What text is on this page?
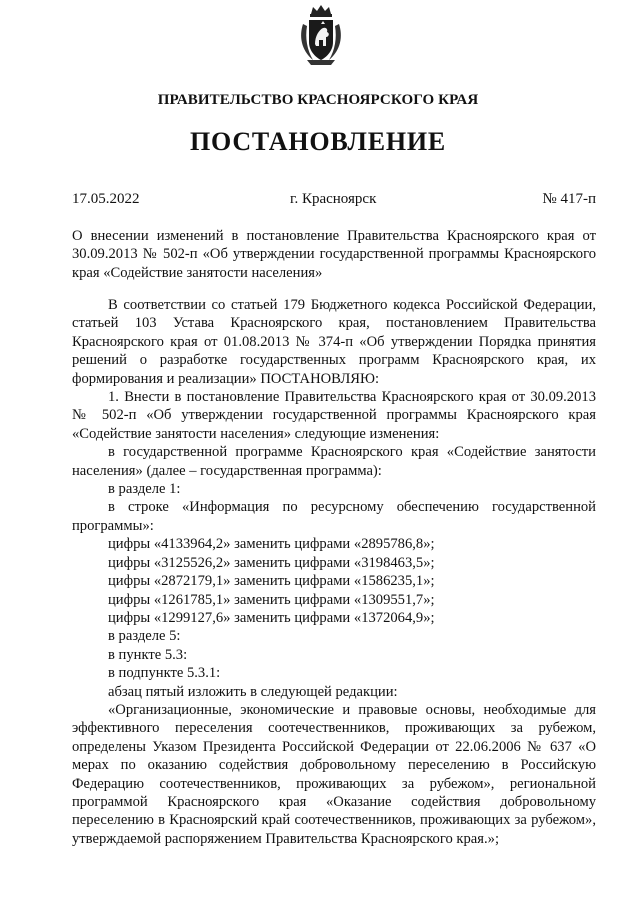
ПРАВИТЕЛЬСТВО КРАСНОЯРСКОГО КРАЯ
ПОСТАНОВЛЕНИЕ
17.05.2022	г. Красноярск	№ 417-п
О внесении изменений в постановление Правительства Красноярского края от 30.09.2013 № 502-п «Об утверждении государственной программы Красноярского края «Содействие занятости населения»

В соответствии со статьей 179 Бюджетного кодекса Российской Федерации, статьей 103 Устава Красноярского края, постановлением Правительства Красноярского края от 01.08.2013 № 374-п «Об утверждении Порядка принятия решений о разработке государственных программ Красноярского края, их формирования и реализации» ПОСТАНОВЛЯЮ:

1. Внести в постановление Правительства Красноярского края от 30.09.2013 № 502-п «Об утверждении государственной программы Красноярского края «Содействие занятости населения» следующие изменения:

в государственной программе Красноярского края «Содействие занятости населения» (далее – государственная программа):

в разделе 1:

в строке «Информация по ресурсному обеспечению государственной программы»:

цифры «4133964,2» заменить цифрами «2895786,8»;

цифры «3125526,2» заменить цифрами «3198463,5»;

цифры «2872179,1» заменить цифрами «1586235,1»;

цифры «1261785,1» заменить цифрами «1309551,7»;

цифры «1299127,6» заменить цифрами «1372064,9»;

в разделе 5:

в пункте 5.3:

в подпункте 5.3.1:

абзац пятый изложить в следующей редакции:

«Организационные, экономические и правовые основы, необходимые для эффективного переселения соотечественников, проживающих за рубежом, определены Указом Президента Российской Федерации от 22.06.2006 № 637 «О мерах по оказанию содействия добровольному переселению в Российскую Федерацию соотечественников, проживающих за рубежом», региональной программой Красноярского края «Оказание содействия добровольному переселению в Красноярский край соотечественников, проживающих за рубежом», утверждаемой распоряжением Правительства Красноярского края.»;
